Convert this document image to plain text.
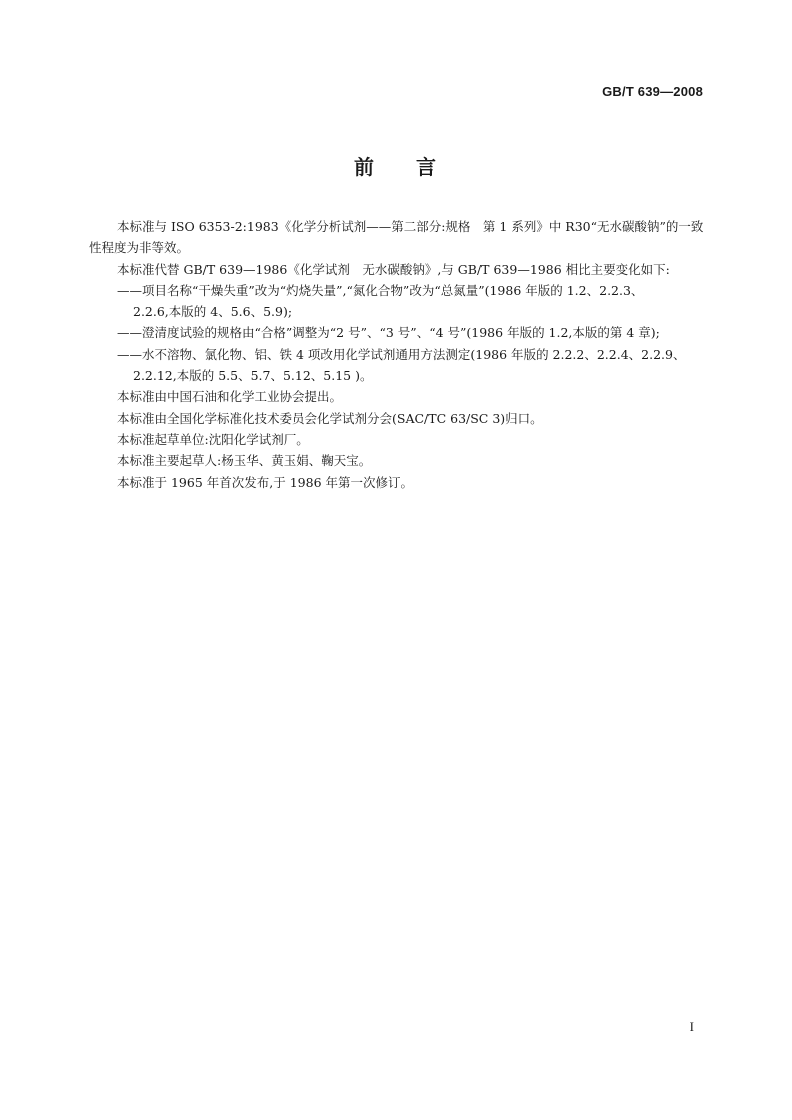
GB/T 639—2008
前 言

本标准与 ISO 6353-2:1983《化学分析试剂——第二部分:规格　第 1 系列》中 R30“无水碳酸钠”的一致性程度为非等效。

本标准代替 GB/T 639—1986《化学试剂　无水碳酸钠》,与 GB/T 639—1986 相比主要变化如下:

——项目名称“干燥失重”改为“灼烧失量”,“氮化合物”改为“总氮量”(1986 年版的 1.2、2.2.3、

2.2.6,本版的 4、5.6、5.9);

——澄清度试验的规格由“合格”调整为“2 号”、“3 号”、“4 号”(1986 年版的 1.2,本版的第 4 章);

——水不溶物、氯化物、铝、铁 4 项改用化学试剂通用方法测定(1986 年版的 2.2.2、2.2.4、2.2.9、

2.2.12,本版的 5.5、5.7、5.12、5.15 )。

本标准由中国石油和化学工业协会提出。

本标准由全国化学标准化技术委员会化学试剂分会(SAC/TC 63/SC 3)归口。

本标准起草单位:沈阳化学试剂厂。

本标准主要起草人:杨玉华、黄玉娟、鞠天宝。

本标准于 1965 年首次发布,于 1986 年第一次修订。

I
